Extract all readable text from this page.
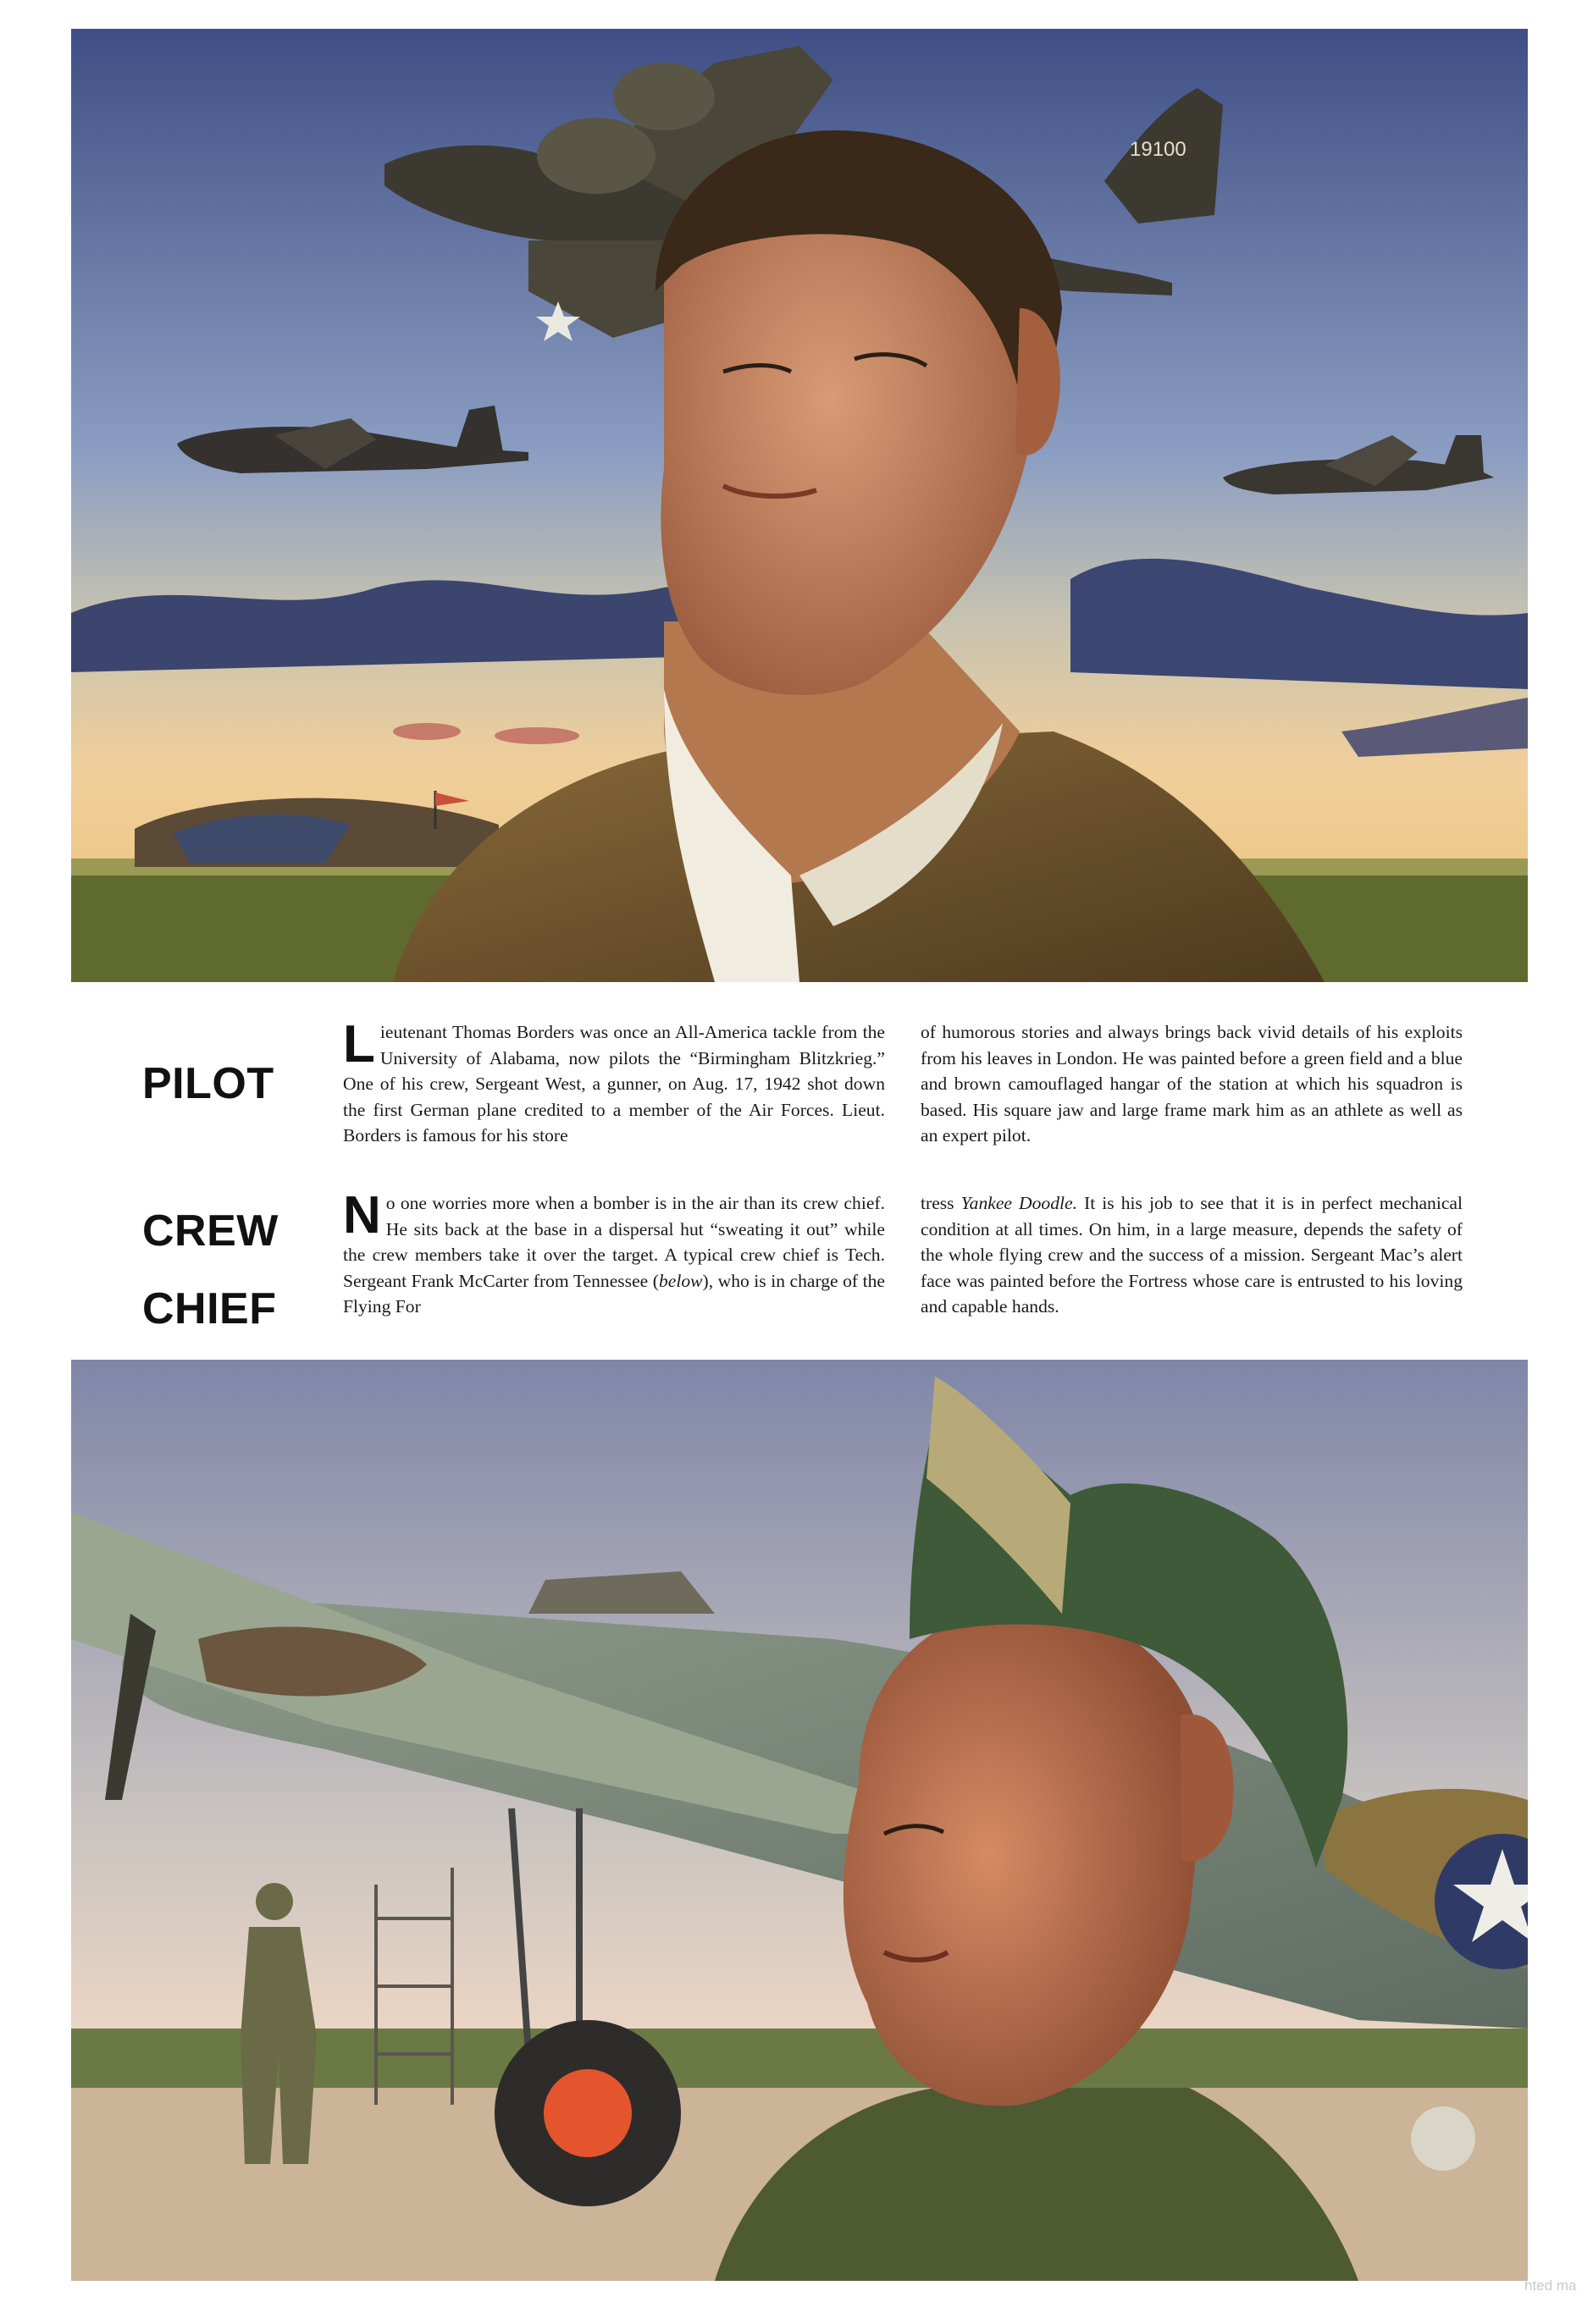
19100
PILOT

Lieutenant Thomas Borders was once an All-America tackle from the University of Alabama, now pilots the “Birmingham Blitzkrieg.” One of his crew, Sergeant West, a gunner, on Aug. 17, 1942 shot down the first German plane credited to a member of the Air Forces. Lieut. Borders is famous for his store

of humorous stories and always brings back vivid details of his exploits from his leaves in London. He was painted before a green field and a blue and brown camouflaged hangar of the station at which his squadron is based. His square jaw and large frame mark him as an athlete as well as an expert pilot.

CREW
CHIEF

No one worries more when a bomber is in the air than its crew chief. He sits back at the base in a dispersal hut “sweating it out” while the crew members take it over the target. A typical crew chief is Tech. Sergeant Frank McCarter from Tennessee (below), who is in charge of the Flying For

tress Yankee Doodle. It is his job to see that it is in perfect mechanical condition at all times. On him, in a large measure, depends the safety of the whole flying crew and the success of a mission. Sergeant Mac’s alert face was painted before the Fortress whose care is entrusted to his loving and capable hands.

hted ma
